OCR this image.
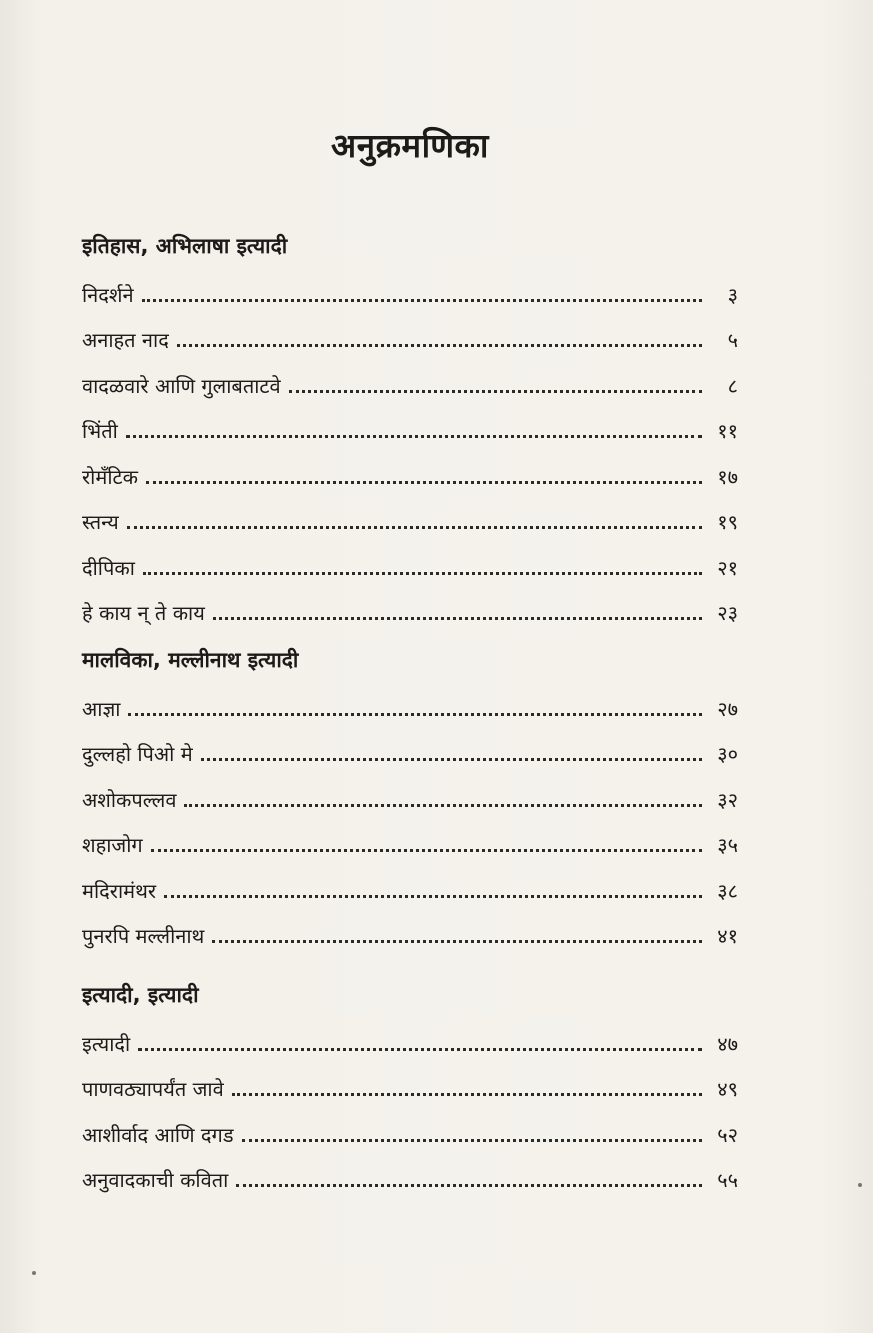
अनुक्रमणिका
इतिहास, अभिलाषा इत्यादी
निदर्शने	३
अनाहत नाद	५
वादळवारे आणि गुलाबताटवे	८
भिंती	११
रोमँटिक	१७
स्तन्य	१९
दीपिका	२१
हे काय न् ते काय	२३
मालविका, मल्लीनाथ इत्यादी
आज्ञा	२७
दुल्लहो पिओ मे	३०
अशोकपल्लव	३२
शहाजोग	३५
मदिरामंथर	३८
पुनरपि मल्लीनाथ	४१
इत्यादी, इत्यादी
इत्यादी	४७
पाणवठ्यापर्यंत जावे	४९
आशीर्वाद आणि दगड	५२
अनुवादकाची कविता	५५
